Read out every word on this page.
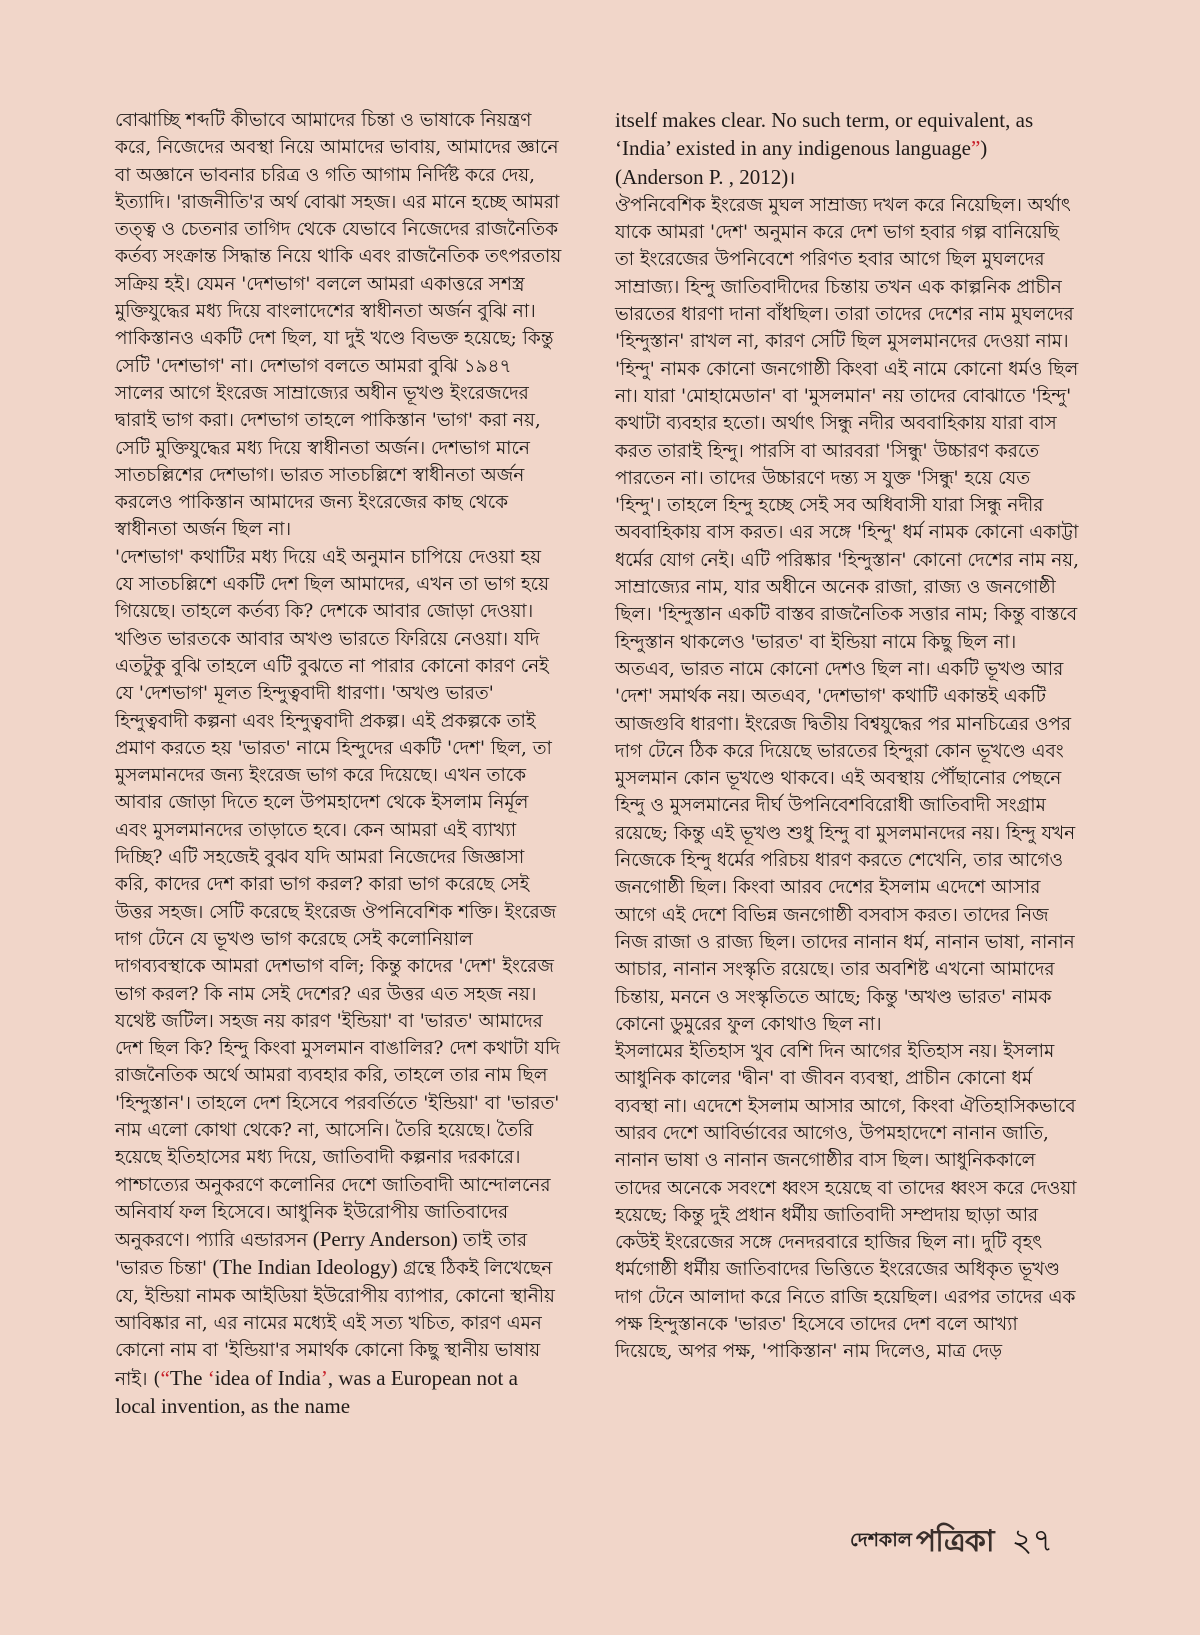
বোঝাচ্ছি শব্দটি কীভাবে আমাদের চিন্তা ও ভাষাকে নিয়ন্ত্রণ করে, নিজেদের অবস্থা নিয়ে আমাদের ভাবায়, আমাদের জ্ঞানে বা অজ্ঞানে ভাবনার চরিত্র ও গতি আগাম নির্দিষ্ট করে দেয়, ইত্যাদি। 'রাজনীতি'র অর্থ বোঝা সহজ। এর মানে হচ্ছে আমরা তত্ত্ব ও চেতনার তাগিদ থেকে যেভাবে নিজেদের রাজনৈতিক কর্তব্য সংক্রান্ত সিদ্ধান্ত নিয়ে থাকি এবং রাজনৈতিক তৎপরতায় সক্রিয় হই। যেমন 'দেশভাগ' বললে আমরা একাত্তরে সশস্ত্র মুক্তিযুদ্ধের মধ্য দিয়ে বাংলাদেশের স্বাধীনতা অর্জন বুঝি না। পাকিস্তানও একটি দেশ ছিল, যা দুই খণ্ডে বিভক্ত হয়েছে; কিন্তু সেটি 'দেশভাগ' না। দেশভাগ বলতে আমরা বুঝি ১৯৪৭ সালের আগে ইংরেজ সাম্রাজ্যের অধীন ভূখণ্ড ইংরেজদের দ্বারাই ভাগ করা। দেশভাগ তাহলে পাকিস্তান 'ভাগ' করা নয়, সেটি মুক্তিযুদ্ধের মধ্য দিয়ে স্বাধীনতা অর্জন। দেশভাগ মানে সাতচল্লিশের দেশভাগ। ভারত সাতচল্লিশে স্বাধীনতা অর্জন করলেও পাকিস্তান আমাদের জন্য ইংরেজের কাছ থেকে স্বাধীনতা অর্জন ছিল না।

'দেশভাগ' কথাটির মধ্য দিয়ে এই অনুমান চাপিয়ে দেওয়া হয় যে সাতচল্লিশে একটি দেশ ছিল আমাদের, এখন তা ভাগ হয়ে গিয়েছে। তাহলে কর্তব্য কি? দেশকে আবার জোড়া দেওয়া। খণ্ডিত ভারতকে আবার অখণ্ড ভারতে ফিরিয়ে নেওয়া। যদি এতটুকু বুঝি তাহলে এটি বুঝতে না পারার কোনো কারণ নেই যে 'দেশভাগ' মূলত হিন্দুত্ববাদী ধারণা। 'অখণ্ড ভারত' হিন্দুত্ববাদী কল্পনা এবং হিন্দুত্ববাদী প্রকল্প। এই প্রকল্পকে তাই প্রমাণ করতে হয় 'ভারত' নামে হিন্দুদের একটি 'দেশ' ছিল, তা মুসলমানদের জন্য ইংরেজ ভাগ করে দিয়েছে। এখন তাকে আবার জোড়া দিতে হলে উপমহাদেশ থেকে ইসলাম নির্মূল এবং মুসলমানদের তাড়াতে হবে। কেন আমরা এই ব্যাখ্যা দিচ্ছি? এটি সহজেই বুঝব যদি আমরা নিজেদের জিজ্ঞাসা করি, কাদের দেশ কারা ভাগ করল? কারা ভাগ করেছে সেই উত্তর সহজ। সেটি করেছে ইংরেজ ঔপনিবেশিক শক্তি। ইংরেজ দাগ টেনে যে ভূখণ্ড ভাগ করেছে সেই কলোনিয়াল দাগব্যবস্থাকে আমরা দেশভাগ বলি; কিন্তু কাদের 'দেশ' ইংরেজ ভাগ করল? কি নাম সেই দেশের? এর উত্তর এত সহজ নয়। যথেষ্ট জটিল। সহজ নয় কারণ 'ইন্ডিয়া' বা 'ভারত' আমাদের দেশ ছিল কি? হিন্দু কিংবা মুসলমান বাঙালির? দেশ কথাটা যদি রাজনৈতিক অর্থে আমরা ব্যবহার করি, তাহলে তার নাম ছিল 'হিন্দুস্তান'। তাহলে দেশ হিসেবে পরবর্তিতে 'ইন্ডিয়া' বা 'ভারত' নাম এলো কোথা থেকে? না, আসেনি। তৈরি হয়েছে। তৈরি হয়েছে ইতিহাসের মধ্য দিয়ে, জাতিবাদী কল্পনার দরকারে। পাশ্চাত্যের অনুকরণে কলোনির দেশে জাতিবাদী আন্দোলনের অনিবার্য ফল হিসেবে। আধুনিক ইউরোপীয় জাতিবাদের অনুকরণে। প্যারি এন্ডারসন (Perry Anderson) তাই তার 'ভারত চিন্তা' (The Indian Ideology) গ্রন্থে ঠিকই লিখেছেন যে, ইন্ডিয়া নামক আইডিয়া ইউরোপীয় ব্যাপার, কোনো স্থানীয় আবিষ্কার না, এর নামের মধ্যেই এই সত্য খচিত, কারণ এমন কোনো নাম বা 'ইন্ডিয়া'র সমার্থক কোনো কিছু স্থানীয় ভাষায় নাই। (“The ‘idea of India’, was a European not a local invention, as the name

itself makes clear. No such term, or equivalent, as ‘India’ existed in any indigenous language”) (Anderson P. , 2012)।

ঔপনিবেশিক ইংরেজ মুঘল সাম্রাজ্য দখল করে নিয়েছিল। অর্থাৎ যাকে আমরা 'দেশ' অনুমান করে দেশ ভাগ হবার গল্প বানিয়েছি তা ইংরেজের উপনিবেশে পরিণত হবার আগে ছিল মুঘলদের সাম্রাজ্য। হিন্দু জাতিবাদীদের চিন্তায় তখন এক কাল্পনিক প্রাচীন ভারতের ধারণা দানা বাঁধছিল। তারা তাদের দেশের নাম মুঘলদের 'হিন্দুস্তান' রাখল না, কারণ সেটি ছিল মুসলমানদের দেওয়া নাম। 'হিন্দু' নামক কোনো জনগোষ্ঠী কিংবা এই নামে কোনো ধর্মও ছিল না। যারা 'মোহামেডান' বা 'মুসলমান' নয় তাদের বোঝাতে 'হিন্দু' কথাটা ব্যবহার হতো। অর্থাৎ সিন্ধু নদীর অববাহিকায় যারা বাস করত তারাই হিন্দু। পারসি বা আরবরা 'সিন্ধু' উচ্চারণ করতে পারতেন না। তাদের উচ্চারণে দন্ত্য স যুক্ত 'সিন্ধু' হয়ে যেত 'হিন্দু'। তাহলে হিন্দু হচ্ছে সেই সব অধিবাসী যারা সিন্ধু নদীর অববাহিকায় বাস করত। এর সঙ্গে 'হিন্দু' ধর্ম নামক কোনো একাট্টা ধর্মের যোগ নেই। এটি পরিষ্কার 'হিন্দুস্তান' কোনো দেশের নাম নয়, সাম্রাজ্যের নাম, যার অধীনে অনেক রাজা, রাজ্য ও জনগোষ্ঠী ছিল। 'হিন্দুস্তান একটি বাস্তব রাজনৈতিক সত্তার নাম; কিন্তু বাস্তবে হিন্দুস্তান থাকলেও 'ভারত' বা ইন্ডিয়া নামে কিছু ছিল না। অতএব, ভারত নামে কোনো দেশও ছিল না। একটি ভূখণ্ড আর 'দেশ' সমার্থক নয়। অতএব, 'দেশভাগ' কথাটি একান্তই একটি আজগুবি ধারণা। ইংরেজ দ্বিতীয় বিশ্বযুদ্ধের পর মানচিত্রের ওপর দাগ টেনে ঠিক করে দিয়েছে ভারতের হিন্দুরা কোন ভূখণ্ডে এবং মুসলমান কোন ভূখণ্ডে থাকবে। এই অবস্থায় পৌঁছানোর পেছনে হিন্দু ও মুসলমানের দীর্ঘ উপনিবেশবিরোধী জাতিবাদী সংগ্রাম রয়েছে; কিন্তু এই ভূখণ্ড শুধু হিন্দু বা মুসলমানদের নয়। হিন্দু যখন নিজেকে হিন্দু ধর্মের পরিচয় ধারণ করতে শেখেনি, তার আগেও জনগোষ্ঠী ছিল। কিংবা আরব দেশের ইসলাম এদেশে আসার আগে এই দেশে বিভিন্ন জনগোষ্ঠী বসবাস করত। তাদের নিজ নিজ রাজা ও রাজ্য ছিল। তাদের নানান ধর্ম, নানান ভাষা, নানান আচার, নানান সংস্কৃতি রয়েছে। তার অবশিষ্ট এখনো আমাদের চিন্তায়, মননে ও সংস্কৃতিতে আছে; কিন্তু 'অখণ্ড ভারত' নামক কোনো ডুমুরের ফুল কোথাও ছিল না।

ইসলামের ইতিহাস খুব বেশি দিন আগের ইতিহাস নয়। ইসলাম আধুনিক কালের 'দ্বীন' বা জীবন ব্যবস্থা, প্রাচীন কোনো ধর্ম ব্যবস্থা না। এদেশে ইসলাম আসার আগে, কিংবা ঐতিহাসিকভাবে আরব দেশে আবির্ভাবের আগেও, উপমহাদেশে নানান জাতি, নানান ভাষা ও নানান জনগোষ্ঠীর বাস ছিল। আধুনিককালে তাদের অনেকে সবংশে ধ্বংস হয়েছে বা তাদের ধ্বংস করে দেওয়া হয়েছে; কিন্তু দুই প্রধান ধর্মীয় জাতিবাদী সম্প্রদায় ছাড়া আর কেউই ইংরেজের সঙ্গে দেনদরবারে হাজির ছিল না। দুটি বৃহৎ ধর্মগোষ্ঠী ধর্মীয় জাতিবাদের ভিত্তিতে ইংরেজের অধিকৃত ভূখণ্ড দাগ টেনে আলাদা করে নিতে রাজি হয়েছিল। এরপর তাদের এক পক্ষ হিন্দুস্তানকে 'ভারত' হিসেবে তাদের দেশ বলে আখ্যা দিয়েছে, অপর পক্ষ, 'পাকিস্তান' নাম দিলেও, মাত্র দেড়

দেশকাল পত্রিকা ২৭
